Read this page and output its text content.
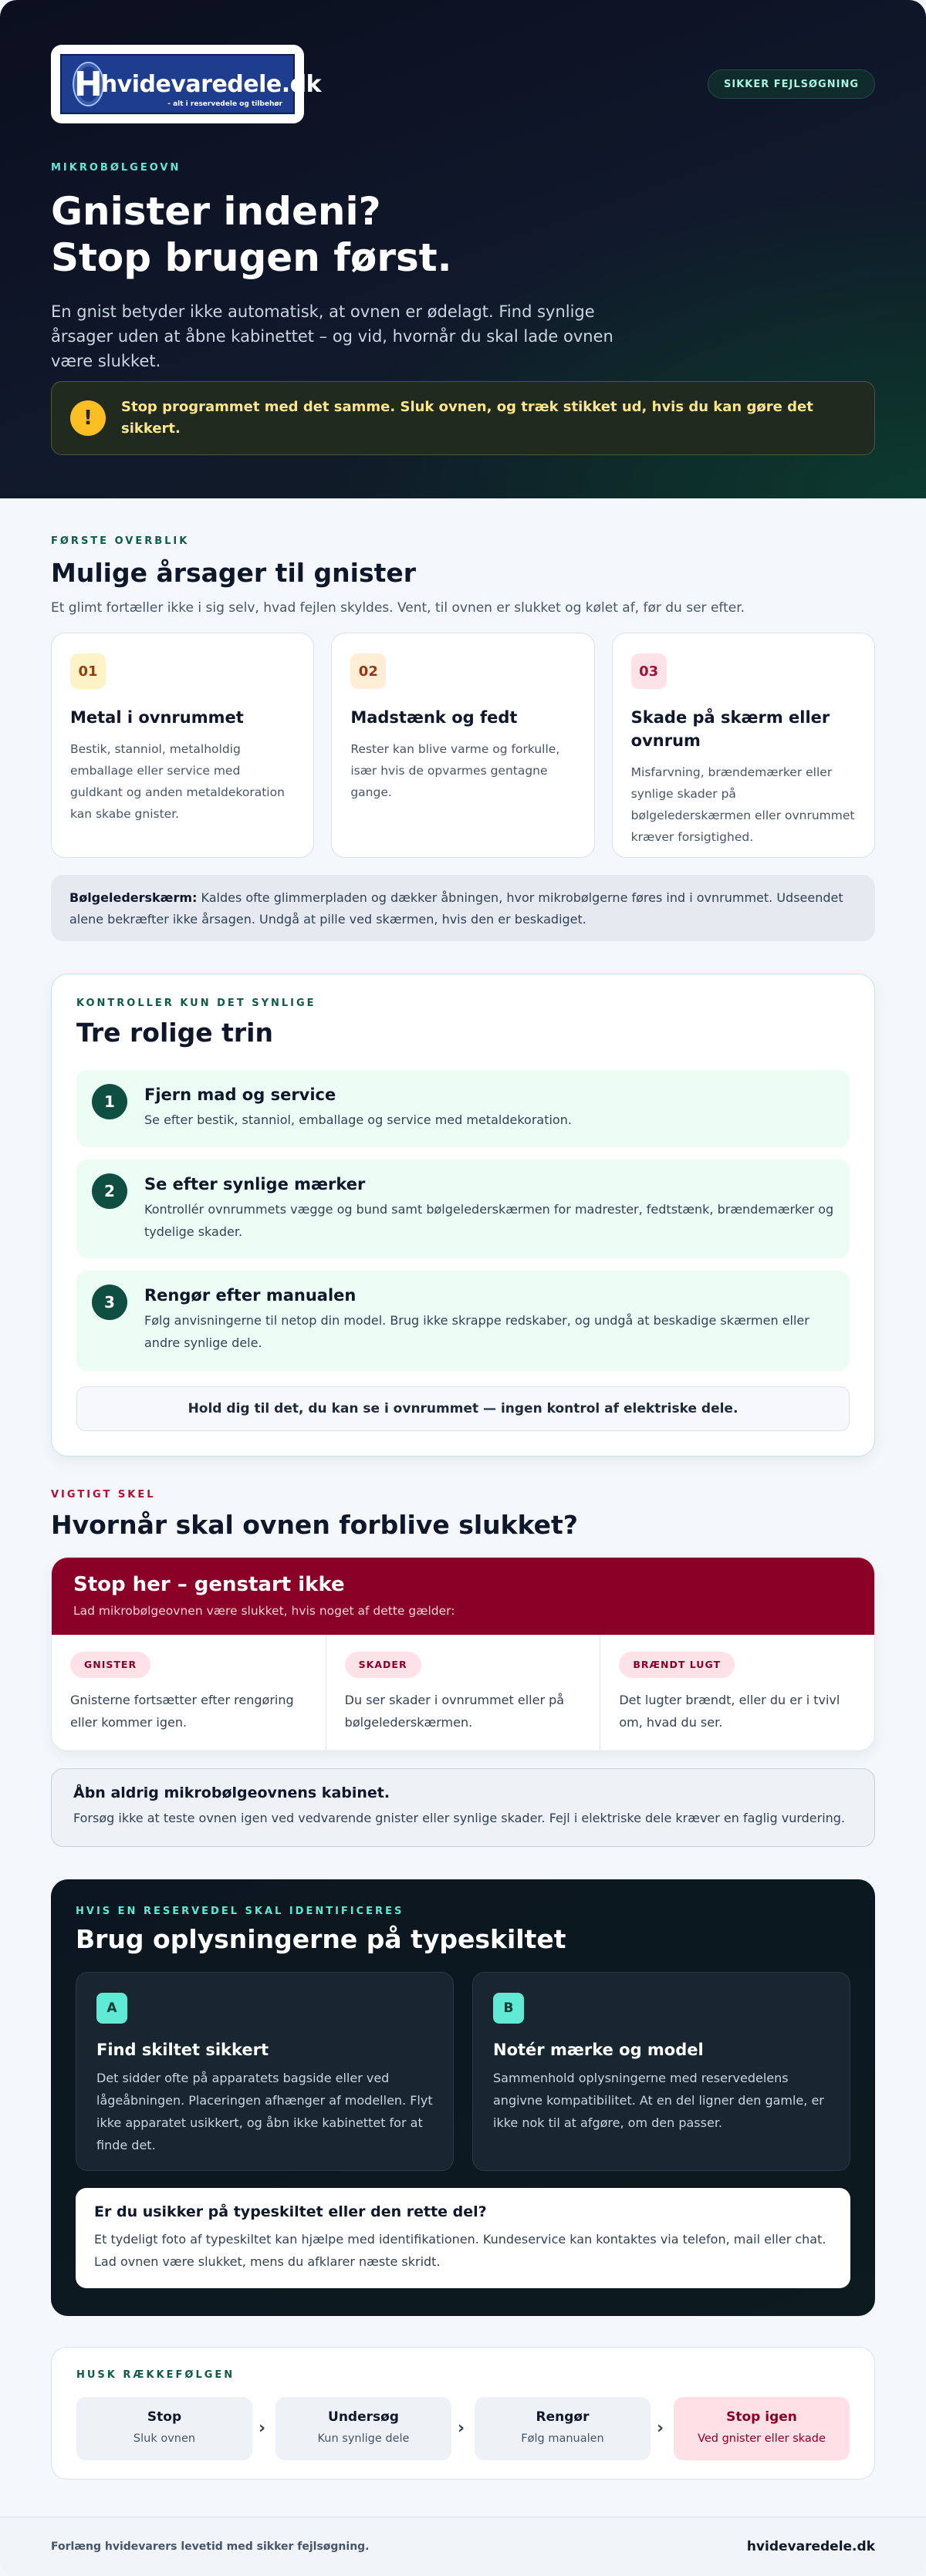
H
hvidevaredele.dk
- alt i reservedele og tilbehør
SIKKER FEJLSØGNING
MIKROBØLGEOVN
Gnister indeni?
Stop brugen først.

En gnist betyder ikke automatisk, at ovnen er ødelagt. Find synlige årsager uden at åbne kabinettet – og vid, hvornår du skal lade ovnen være slukket.

!	Stop programmet med det samme. Sluk ovnen, og træk stikket ud, hvis du kan gøre det sikkert.
FØRSTE OVERBLIK
Mulige årsager til gnister
Et glimt fortæller ikke i sig selv, hvad fejlen skyldes. Vent, til ovnen er slukket og kølet af, før du ser efter.
01
Metal i ovnrummet

Bestik, stanniol, metalholdig emballage eller service med guldkant og anden metaldekoration kan skabe gnister.

02
Madstænk og fedt

Rester kan blive varme og forkulle, især hvis de opvarmes gentagne gange.

03
Skade på skærm eller ovnrum

Misfarvning, brændemærker eller synlige skader på bølgelederskærmen eller ovnrummet kræver forsigtighed.

Bølgelederskærm: Kaldes ofte glimmerpladen og dækker åbningen, hvor mikrobølgerne føres ind i ovnrummet. Udseendet alene bekræfter ikke årsagen. Undgå at pille ved skærmen, hvis den er beskadiget.
KONTROLLER KUN DET SYNLIGE
Tre rolige trin
1	Fjern mad og service

Se efter bestik, stanniol, emballage og service med metaldekoration.

2	Se efter synlige mærker

Kontrollér ovnrummets vægge og bund samt bølgelederskærmen for madrester, fedtstænk, brændemærker og tydelige skader.

3	Rengør efter manualen

Følg anvisningerne til netop din model. Brug ikke skrappe redskaber, og undgå at beskadige skærmen eller andre synlige dele.

Hold dig til det, du kan se i ovnrummet — ingen kontrol af elektriske dele.
VIGTIGT SKEL
Hvornår skal ovnen forblive slukket?
Stop her – genstart ikke

Lad mikrobølgeovnen være slukket, hvis noget af dette gælder:

GNISTER

Gnisterne fortsætter efter rengøring eller kommer igen.

SKADER

Du ser skader i ovnrummet eller på bølgelederskærmen.

BRÆNDT LUGT

Det lugter brændt, eller du er i tvivl om, hvad du ser.

Åbn aldrig mikrobølgeovnens kabinet.

Forsøg ikke at teste ovnen igen ved vedvarende gnister eller synlige skader. Fejl i elektriske dele kræver en faglig vurdering.

HVIS EN RESERVEDEL SKAL IDENTIFICERES
Brug oplysningerne på typeskiltet
A
Find skiltet sikkert

Det sidder ofte på apparatets bagside eller ved lågeåbningen. Placeringen afhænger af modellen. Flyt ikke apparatet usikkert, og åbn ikke kabinettet for at finde det.

B
Notér mærke og model

Sammenhold oplysningerne med reservedelens angivne kompatibilitet. At en del ligner den gamle, er ikke nok til at afgøre, om den passer.

Er du usikker på typeskiltet eller den rette del?

Et tydeligt foto af typeskiltet kan hjælpe med identifikationen. Kundeservice kan kontaktes via telefon, mail eller chat. Lad ovnen være slukket, mens du afklarer næste skridt.

HUSK RÆKKEFØLGEN
Stop
Sluk ovnen
›
Undersøg
Kun synlige dele
›
Rengør
Følg manualen
›
Stop igen
Ved gnister eller skade
Forlæng hvidevarers levetid med sikker fejlsøgning.	hvidevaredele.dk
